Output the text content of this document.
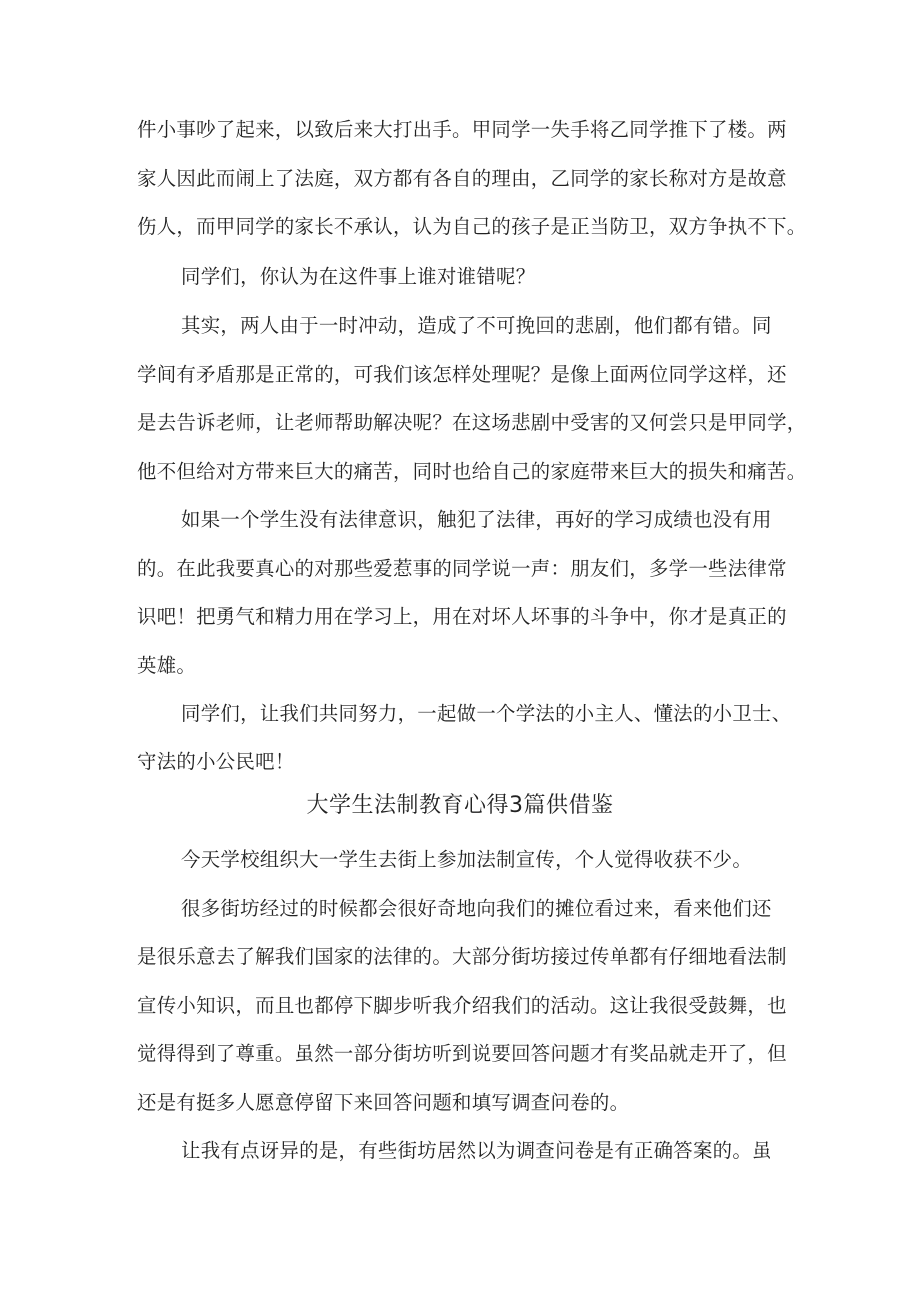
件小事吵了起来，以致后来大打出手。甲同学一失手将乙同学推下了楼。两
家人因此而闹上了法庭，双方都有各自的理由，乙同学的家长称对方是故意
伤人，而甲同学的家长不承认，认为自己的孩子是正当防卫，双方争执不下。
同学们，你认为在这件事上谁对谁错呢？
其实，两人由于一时冲动，造成了不可挽回的悲剧，他们都有错。同
学间有矛盾那是正常的，可我们该怎样处理呢？是像上面两位同学这样，还
是去告诉老师，让老师帮助解决呢？在这场悲剧中受害的又何尝只是甲同学，
他不但给对方带来巨大的痛苦，同时也给自己的家庭带来巨大的损失和痛苦。
如果一个学生没有法律意识，触犯了法律，再好的学习成绩也没有用
的。在此我要真心的对那些爱惹事的同学说一声：朋友们，多学一些法律常
识吧！把勇气和精力用在学习上，用在对坏人坏事的斗争中，你才是真正的
英雄。
同学们，让我们共同努力，一起做一个学法的小主人、懂法的小卫士、
守法的小公民吧！
大学生法制教育心得3篇供借鉴
今天学校组织大一学生去街上参加法制宣传，个人觉得收获不少。
很多街坊经过的时候都会很好奇地向我们的摊位看过来，看来他们还
是很乐意去了解我们国家的法律的。大部分街坊接过传单都有仔细地看法制
宣传小知识，而且也都停下脚步听我介绍我们的活动。这让我很受鼓舞，也
觉得得到了尊重。虽然一部分街坊听到说要回答问题才有奖品就走开了，但
还是有挺多人愿意停留下来回答问题和填写调查问卷的。
让我有点讶异的是，有些街坊居然以为调查问卷是有正确答案的。虽
